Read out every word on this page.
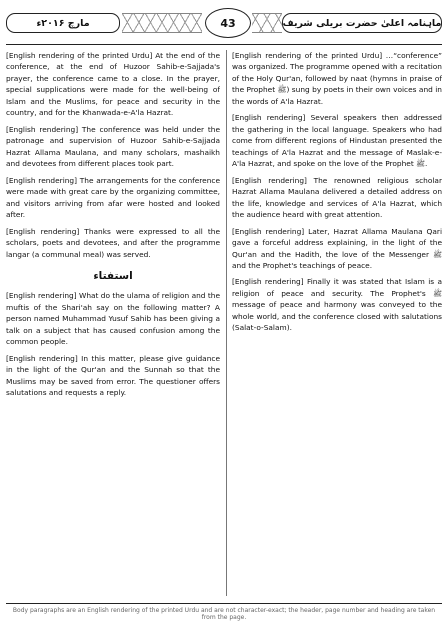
ماہنامہ اعلیٰ حضرت بریلی شریف
43
مارچ ۲۰۱۶ء

[English rendering of the printed Urdu] …“conference” was organized. The programme opened with a recitation of the Holy Qur'an, followed by naat (hymns in praise of the Prophet ﷺ) sung by poets in their own voices and in the words of A'la Hazrat.

[English rendering] Several speakers then addressed the gathering in the local language. Speakers who had come from different regions of Hindustan presented the teachings of A'la Hazrat and the message of Maslak-e-A'la Hazrat, and spoke on the love of the Prophet ﷺ.

[English rendering] The renowned religious scholar Hazrat Allama Maulana delivered a detailed address on the life, knowledge and services of A'la Hazrat, which the audience heard with great attention.

[English rendering] Later, Hazrat Allama Maulana Qari gave a forceful address explaining, in the light of the Qur'an and the Hadith, the love of the Messenger ﷺ and the Prophet's teachings of peace.

[English rendering] Finally it was stated that Islam is a religion of peace and security. The Prophet's ﷺ message of peace and harmony was conveyed to the whole world, and the conference closed with salutations (Salat-o-Salam).

[English rendering of the printed Urdu] At the end of the conference, at the end of Huzoor Sahib-e-Sajjada's prayer, the conference came to a close. In the prayer, special supplications were made for the well-being of Islam and the Muslims, for peace and security in the country, and for the Khanwada-e-A'la Hazrat.

[English rendering] The conference was held under the patronage and supervision of Huzoor Sahib-e-Sajjada Hazrat Allama Maulana, and many scholars, mashaikh and devotees from different places took part.

[English rendering] The arrangements for the conference were made with great care by the organizing committee, and visitors arriving from afar were hosted and looked after.

[English rendering] Thanks were expressed to all the scholars, poets and devotees, and after the programme langar (a communal meal) was served.

استفتاء

[English rendering] What do the ulama of religion and the muftis of the Shari'ah say on the following matter? A person named Muhammad Yusuf Sahib has been giving a talk on a subject that has caused confusion among the common people.

[English rendering] In this matter, please give guidance in the light of the Qur'an and the Sunnah so that the Muslims may be saved from error. The questioner offers salutations and requests a reply.

Body paragraphs are an English rendering of the printed Urdu and are not character-exact; the header, page number and heading are taken from the page.
